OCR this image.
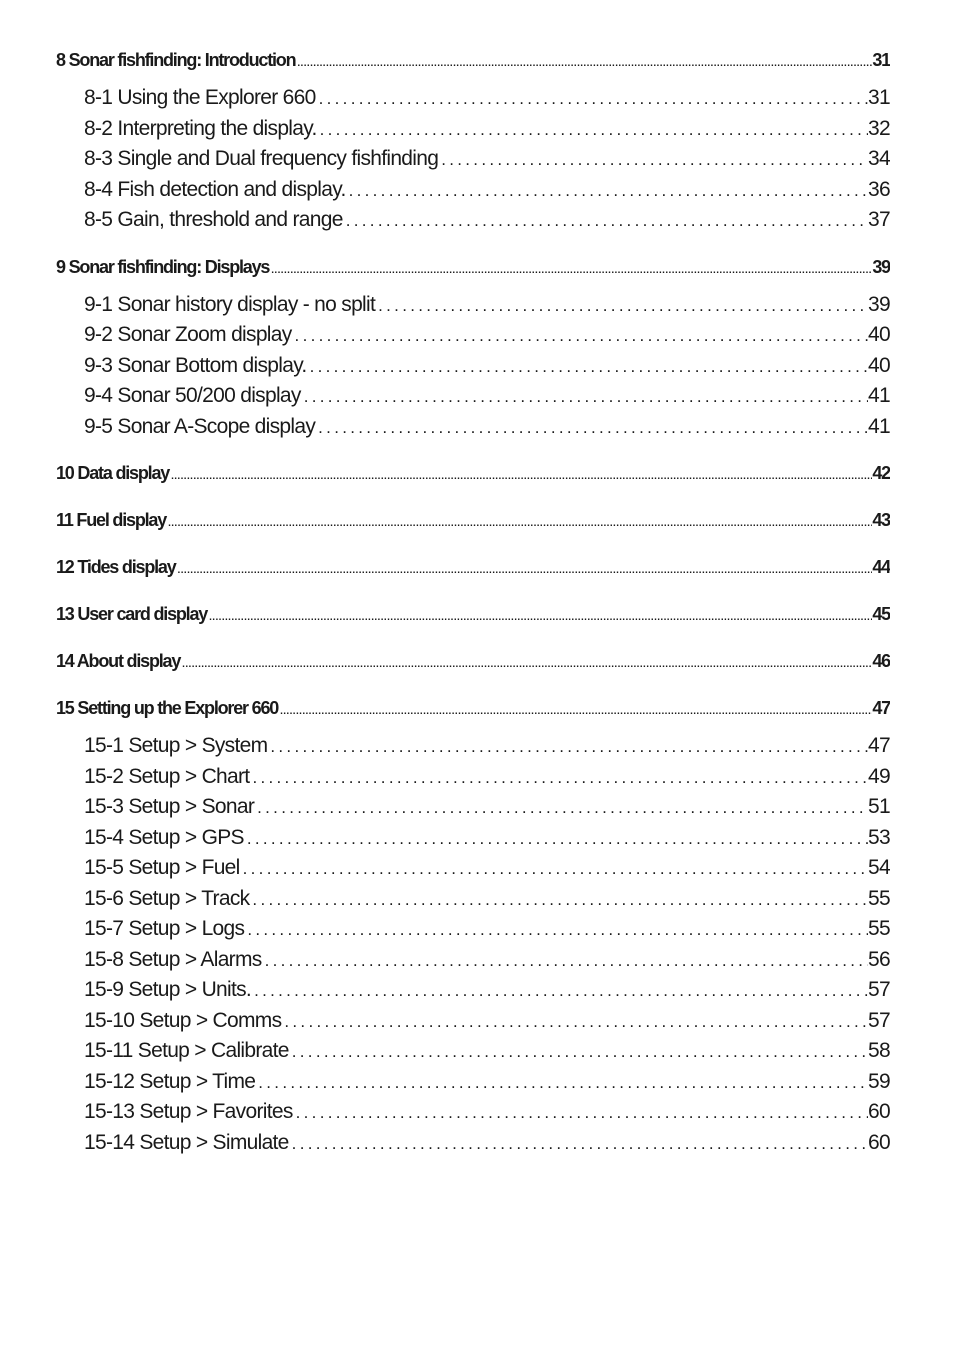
8 Sonar fishfinding: Introduction .....	31
8-1 Using the Explorer 660 .....	31
8-2 Interpreting the display. .....	32
8-3 Single and Dual frequency fishfinding .....	34
8-4 Fish detection and display. .....	36
8-5 Gain, threshold and range .....	37
9 Sonar fishfinding: Displays .....	39
9-1 Sonar history display - no split .....	39
9-2 Sonar Zoom display .....	40
9-3 Sonar Bottom display. .....	40
9-4 Sonar 50/200 display .....	41
9-5 Sonar A-Scope display .....	41
10 Data display .....	42
11 Fuel display .....	43
12 Tides display .....	44
13 User card display .....	45
14 About display .....	46
15 Setting up the Explorer 660 .....	47
15-1 Setup > System .....	47
15-2 Setup > Chart .....	49
15-3 Setup > Sonar .....	51
15-4 Setup > GPS .....	53
15-5 Setup > Fuel .....	54
15-6 Setup > Track .....	55
15-7 Setup > Logs .....	55
15-8 Setup > Alarms .....	56
15-9 Setup > Units. .....	57
15-10 Setup > Comms .....	57
15-11 Setup > Calibrate .....	58
15-12 Setup > Time .....	59
15-13 Setup > Favorites .....	60
15-14 Setup > Simulate .....	60
